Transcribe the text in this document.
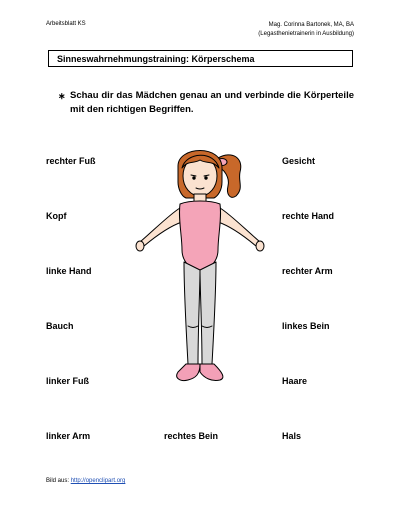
Arbeitsblatt KS	Mag. Corinna Bartonek, MA, BA
(Legasthenietrainerin in Ausbildung)
Sinneswahrnehmungstraining: Körperschema
∗ Schau dir das Mädchen genau an und verbinde die Körperteile mit den richtigen Begriffen.
rechter Fuß
Kopf
linke Hand
Bauch
linker Fuß
linker Arm	rechtes Bein
Gesicht
rechte Hand
rechter Arm
linkes Bein
Haare
Hals
Bild aus: http://openclipart.org
